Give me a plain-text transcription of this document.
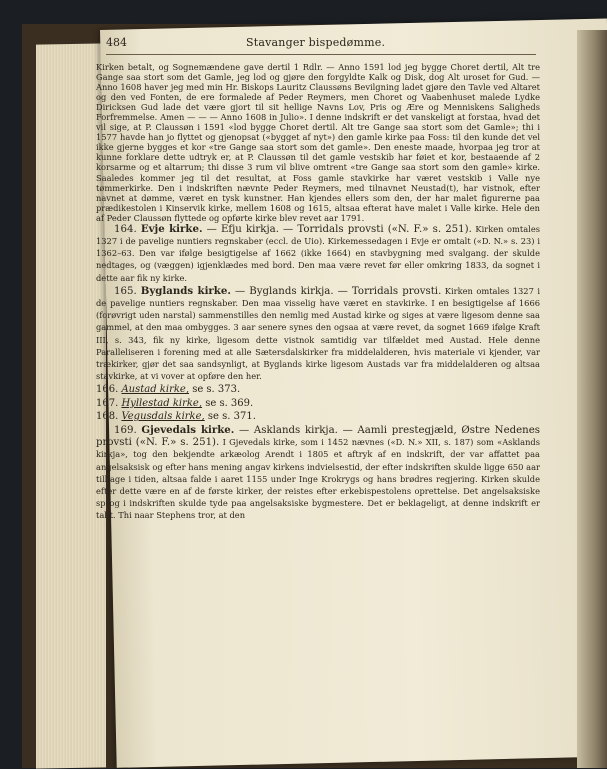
484	Stavanger bispedømme.

Kirken betalt, og Sognemændene gave dertil 1 Rdlr. — Anno 1591 lod jeg bygge Choret dertil, Alt tre Gange saa stort som det Gamle, jeg lod og gjøre den forgyldte Kalk og Disk, dog Alt uroset for Gud. — Anno 1608 haver jeg med min Hr. Biskops Lauritz Claussøns Bevilgning ladet gjøre den Tavle ved Altaret og den ved Fonten, de ere formalede af Peder Reymers, men Choret og Vaabenhuset malede Lydke Diricksen Gud lade det være gjort til sit hellige Navns Lov, Pris og Ære og Menniskens Saligheds Forfremmelse. Amen — — — Anno 1608 in Julio». I denne indskrift er det vanskeligt at forstaa, hvad det vil sige, at P. Claussøn i 1591 «lod bygge Choret dertil. Alt tre Gange saa stort som det Gamle»; thi i 1577 havde han jo flyttet og gjenopsat («bygget af nyt») den gamle kirke paa Foss: til den kunde det vel ikke gjerne bygges et kor «tre Gange saa stort som det gamle». Den eneste maade, hvorpaa jeg tror at kunne forklare dette udtryk er, at P. Claussøn til det gamle vestskib har føiet et kor, bestaaende af 2 korsarme og et altarrum; thi disse 3 rum vil blive omtrent «tre Gange saa stort som den gamle» kirke. Saaledes kommer jeg til det resultat, at Foss gamle stavkirke har været vestskib i Valle nye tømmerkirke. Den i indskriften nævnte Peder Reymers, med tilnavnet Neustad(t), har vistnok, efter navnet at dømme, været en tysk kunstner. Han kjendes ellers som den, der har malet figurerne paa prædikestolen i Kinservik kirke, mellem 1608 og 1615, altsaa efterat have malet i Valle kirke. Hele den af Peder Claussøn flyttede og opførte kirke blev revet aar 1791.

164. Evje kirke. — Efju kirkja. — Torridals provsti («N. F.» s. 251). Kirken omtales 1327 i de pavelige nuntiers regnskaber (eccl. de Uio). Kirkemessedagen i Evje er omtalt («D. N.» s. 23) i 1362–63. Den var ifølge besigtigelse af 1662 (ikke 1664) en stavbygning med svalgang. der skulde nedtages, og (væggen) igjenklædes med bord. Den maa være revet før eller omkring 1833, da sognet i dette aar fik ny kirke.

165. Byglands kirke. — Byglands kirkja. — Torridals provsti. Kirken omtales 1327 i de pavelige nuntiers regnskaber. Den maa visselig have været en stavkirke. I en besigtigelse af 1666 (forøvrigt uden narstal) sammenstilles den nemlig med Austad kirke og siges at være ligesom denne saa gammel, at den maa ombygges. 3 aar senere synes den ogsaa at være revet, da sognet 1669 ifølge Kraft III, s. 343, fik ny kirke, ligesom dette vistnok samtidig var tilfældet med Austad. Hele denne Paralleliseren i forening med at alle Sætersdalskirker fra middelalderen, hvis materiale vi kjender, var trækirker, gjør det saa sandsynligt, at Byglands kirke ligesom Austads var fra middelalderen og altsaa stavkirke, at vi vover at opføre den her.

166. Austad kirke, se s. 373.

167. Hyllestad kirke, se s. 369.

168. Vegusdals kirke, se s. 371.

169. Gjevedals kirke. — Asklands kirkja. — Aamli prestegjæld, Østre Nedenes provsti («N. F.» s. 251). I Gjevedals kirke, som i 1452 nævnes («D. N.» XII, s. 187) som «Asklands kirkja», tog den bekjendte arkæolog Arendt i 1805 et aftryk af en indskrift, der var affattet paa angelsaksisk og efter hans mening angav kirkens indvielsestid, der efter indskriften skulde ligge 650 aar tilbage i tiden, altsaa falde i aaret 1155 under Inge Krokrygs og hans brødres regjering. Kirken skulde efter dette være en af de første kirker, der reistes efter erkebispestolens oprettelse. Det angelsaksiske sprog i indskriften skulde tyde paa angelsaksiske bygmestere. Det er beklageligt, at denne indskrift er tabt. Thi naar Stephens tror, at den
